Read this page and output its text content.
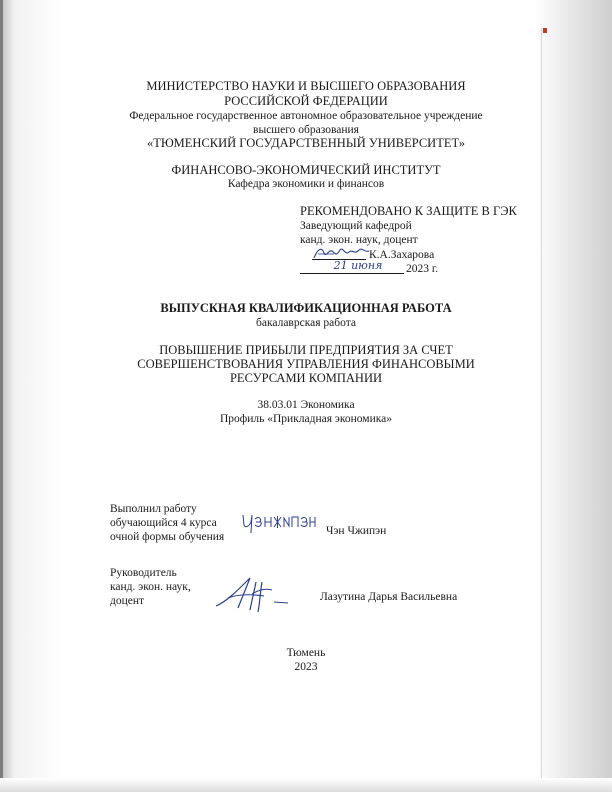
МИНИСТЕРСТВО НАУКИ И ВЫСШЕГО ОБРАЗОВАНИЯ
РОССИЙСКОЙ ФЕДЕРАЦИИ
Федеральное государственное автономное образовательное учреждение
высшего образования
«ТЮМЕНСКИЙ ГОСУДАРСТВЕННЫЙ УНИВЕРСИТЕТ»
ФИНАНСОВО-ЭКОНОМИЧЕСКИЙ ИНСТИТУТ
Кафедра экономики и финансов
РЕКОМЕНДОВАНО К ЗАЩИТЕ В ГЭК
Заведующий кафедрой
канд. экон. наук, доцент
К.А.Захарова
21 июня	2023 г.
ВЫПУСКНАЯ КВАЛИФИКАЦИОННАЯ РАБОТА
бакалаврская работа
ПОВЫШЕНИЕ ПРИБЫЛИ ПРЕДПРИЯТИЯ ЗА СЧЕТ
СОВЕРШЕНСТВОВАНИЯ УПРАВЛЕНИЯ ФИНАНСОВЫМИ
РЕСУРСАМИ КОМПАНИИ
38.03.01 Экономика
Профиль «Прикладная экономика»
Выполнил работу
обучающийся 4 курса
очной формы обучения	Чэн Чжипэн
Руководитель
канд. экон. наук,
доцент	Лазутина Дарья Васильевна
Тюмень
2023
